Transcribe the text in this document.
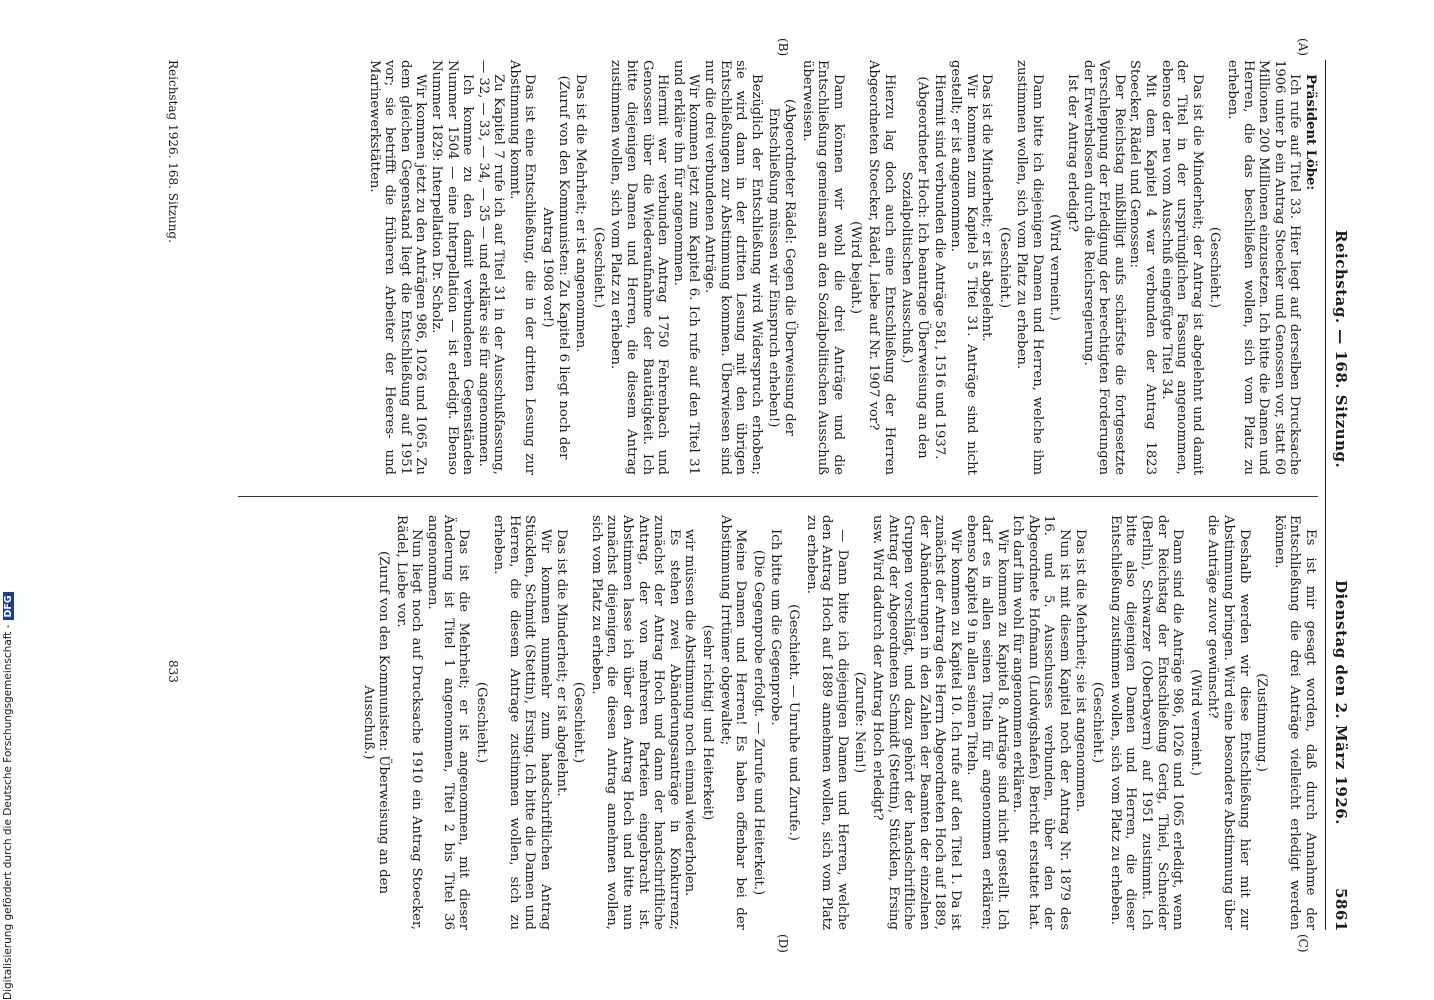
Reichstag. — 168. Sitzung.
Dienstag den 2. März 1926.
5861
(A)
(B)
(C)
(D)

Präsident Löbe:

Ich rufe auf Titel 33. Hier liegt auf derselben Drucksache 1906 unter b ein Antrag Stoecker und Genossen vor, statt 60 Millionen 200 Millionen einzusetzen. Ich bitte die Damen und Herren, die das beschließen wollen, sich vom Platz zu erheben.

(Geschieht.)

Das ist die Minderheit; der Antrag ist abgelehnt und damit der Titel in der ursprünglichen Fassung angenommen, ebenso der neu vom Ausschuß eingefügte Titel 34.

Mit dem Kapitel 4 war verbunden der Antrag 1823 Stoecker, Rädel und Genossen:

Der Reichstag mißbilligt aufs schärfste die fortgesetzte Verschleppung der Erledigung der berechtigten Forderungen der Erwerbslosen durch die Reichsregierung.

Ist der Antrag erledigt?

(Wird verneint.)

Dann bitte ich diejenigen Damen und Herren, welche ihm zustimmen wollen, sich vom Platz zu erheben.

(Geschieht.)

Das ist die Minderheit; er ist abgelehnt.

Wir kommen zum Kapitel 5 Titel 31. Anträge sind nicht gestellt; er ist angenommen.

Hiermit sind verbunden die Anträge 581, 1516 und 1937.

(Abgeordneter Hoch: Ich beantrage Überweisung an den Sozialpolitischen Ausschuß.)

Hierzu lag doch auch eine Entschließung der Herren Abgeordneten Stoecker, Rädel, Liebe auf Nr. 1907 vor?

(Wird bejaht.)

Dann können wir wohl die drei Anträge und die Entschließung gemeinsam an den Sozialpolitischen Ausschuß überweisen.

(Abgeordneter Rädel: Gegen die Überweisung der Entschließung müssen wir Einspruch erheben!)

Bezüglich der Entschließung wird Widerspruch erhoben; sie wird dann in der dritten Lesung mit den übrigen Entschließungen zur Abstimmung kommen. Überwiesen sind nur die drei verbundenen Anträge.

Wir kommen jetzt zum Kapitel 6. Ich rufe auf den Titel 31 und erkläre ihn für angenommen.

Hiermit war verbunden Antrag 1750 Fehrenbach und Genossen über die Wiederaufnahme der Bautätigkeit. Ich bitte diejenigen Damen und Herren, die diesem Antrag zustimmen wollen, sich vom Platz zu erheben.

(Geschieht.)

Das ist die Mehrheit; er ist angenommen.

(Zuruf von den Kommunisten: Zu Kapitel 6 liegt noch der Antrag 1908 vor!)

Das ist eine Entschließung, die in der dritten Lesung zur Abstimmung kommt.

Zu Kapitel 7 rufe ich auf Titel 31 in der Ausschußfassung, — 32, — 33, — 34, — 35 — und erkläre sie für angenommen.

Ich komme zu den damit verbundenen Gegenständen Nummer 1504 — eine Interpellation — ist erledigt. Ebenso Nummer 1829: Interpellation Dr. Scholz.

Wir kommen jetzt zu den Anträgen 986, 1026 und 1065. Zu dem gleichen Gegenstand liegt die Entschließung auf 1951 vor; sie betrifft die früheren Arbeiter der Heeres- und Marinewerkstätten.

Es ist mir gesagt worden, daß durch Annahme der Entschließung die drei Anträge vielleicht erledigt werden können.

(Zustimmung.)

Deshalb werden wir diese Entschließung hier mit zur Abstimmung bringen. Wird eine besondere Abstimmung über die Anträge zuvor gewünscht?

(Wird verneint.)

Dann sind die Anträge 986, 1026 und 1065 erledigt, wenn der Reichstag der Entschließung Gerig, Thiel, Schneider (Berlin), Schwarzer (Oberbayern) auf 1951 zustimmt. Ich bitte also diejenigen Damen und Herren, die dieser Entschließung zustimmen wollen, sich vom Platz zu erheben.

(Geschieht.)

Das ist die Mehrheit; sie ist angenommen.

Nun ist mit diesem Kapitel noch der Antrag Nr. 1879 des 16. und 5. Ausschusses verbunden, über den der Abgeordnete Hofmann (Ludwigshafen) Bericht erstattet hat. Ich darf ihn wohl für angenommen erklären.

Wir kommen zu Kapitel 8. Anträge sind nicht gestellt. Ich darf es in allen seinen Titeln für angenommen erklären; ebenso Kapitel 9 in allen seinen Titeln.

Wir kommen zu Kapitel 10. Ich rufe auf den Titel 1. Da ist zunächst der Antrag des Herrn Abgeordneten Hoch auf 1889, der Abänderungen in den Zahlen der Beamten der einzelnen Gruppen vorschlägt, und dazu gehört der handschriftliche Antrag der Abgeordneten Schmidt (Stettin), Stücklen, Ersing usw. Wird dadurch der Antrag Hoch erledigt?

(Zurufe: Nein!)

— Dann bitte ich diejenigen Damen und Herren, welche den Antrag Hoch auf 1889 annehmen wollen, sich vom Platz zu erheben.

(Geschieht. — Unruhe und Zurufe.)

Ich bitte um die Gegenprobe.

(Die Gegenprobe erfolgt. — Zurufe und Heiterkeit.)

Meine Damen und Herren! Es haben offenbar bei der Abstimmung Irrtümer obgewaltet;

(sehr richtig! und Heiterkeit)

wir müssen die Abstimmung noch einmal wiederholen.

Es stehen zwei Abänderungsanträge in Konkurrenz; zunächst der Antrag Hoch und dann der handschriftliche Antrag, der von mehreren Parteien eingebracht ist. Abstimmen lasse ich über den Antrag Hoch und bitte nun zunächst diejenigen, die diesen Antrag annehmen wollen, sich vom Platz zu erheben.

(Geschieht.)

Das ist die Minderheit; er ist abgelehnt.

Wir kommen nunmehr zum handschriftlichen Antrag Stücklen, Schmidt (Stettin), Ersing. Ich bitte die Damen und Herren, die diesem Antrage zustimmen wollen, sich zu erheben.

(Geschieht.)

Das ist die Mehrheit; er ist angenommen, mit dieser Änderung ist Titel 1 angenommen, Titel 2 bis Titel 36 angenommen.

Nun liegt noch auf Drucksache 1910 ein Antrag Stoecker, Rädel, Liebe vor.

(Zuruf von den Kommunisten: Überweisung an den Ausschuß.)

Reichstag 1926. 168. Sitzung.
833
Digitalisierung gefördert durch die Deutsche Forschungsgemeinschaft -DFG
